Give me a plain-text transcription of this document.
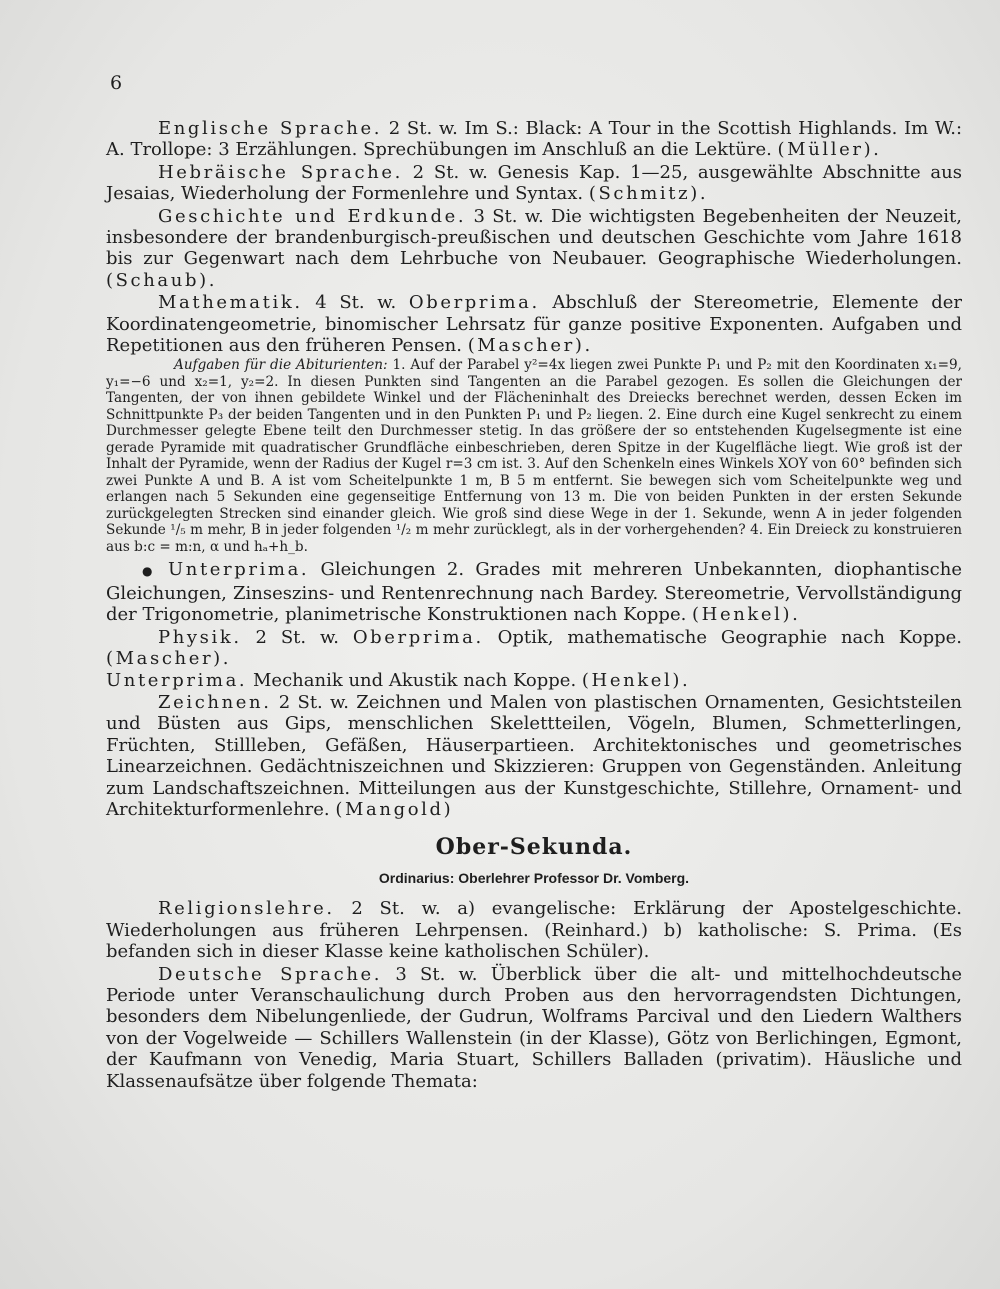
6

Englische Sprache. 2 St. w. Im S.: Black: A Tour in the Scottish Highlands. Im W.: A. Trollope: 3 Erzählungen. Sprechübungen im Anschluß an die Lektüre. (Müller).

Hebräische Sprache. 2 St. w. Genesis Kap. 1—25, ausgewählte Abschnitte aus Jesaias, Wiederholung der Formenlehre und Syntax. (Schmitz).

Geschichte und Erdkunde. 3 St. w. Die wichtigsten Begebenheiten der Neuzeit, insbesondere der brandenburgisch-preußischen und deutschen Geschichte vom Jahre 1618 bis zur Gegenwart nach dem Lehrbuche von Neubauer. Geographische Wiederholungen. (Schaub).

Mathematik. 4 St. w. Oberprima. Abschluß der Stereometrie, Elemente der Koordinatengeometrie, binomischer Lehrsatz für ganze positive Exponenten. Aufgaben und Repetitionen aus den früheren Pensen. (Mascher).

Aufgaben für die Abiturienten: 1. Auf der Parabel y²=4x liegen zwei Punkte P₁ und P₂ mit den Koordinaten x₁=9, y₁=−6 und x₂=1, y₂=2. In diesen Punkten sind Tangenten an die Parabel gezogen. Es sollen die Gleichungen der Tangenten, der von ihnen gebildete Winkel und der Flächeninhalt des Dreiecks berechnet werden, dessen Ecken im Schnittpunkte P₃ der beiden Tangenten und in den Punkten P₁ und P₂ liegen. 2. Eine durch eine Kugel senkrecht zu einem Durchmesser gelegte Ebene teilt den Durchmesser stetig. In das größere der so entstehenden Kugelsegmente ist eine gerade Pyramide mit quadratischer Grundfläche einbeschrieben, deren Spitze in der Kugelfläche liegt. Wie groß ist der Inhalt der Pyramide, wenn der Radius der Kugel r=3 cm ist. 3. Auf den Schenkeln eines Winkels XOY von 60° befinden sich zwei Punkte A und B. A ist vom Scheitelpunkte 1 m, B 5 m entfernt. Sie bewegen sich vom Scheitelpunkte weg und erlangen nach 5 Sekunden eine gegenseitige Entfernung von 13 m. Die von beiden Punkten in der ersten Sekunde zurückgelegten Strecken sind einander gleich. Wie groß sind diese Wege in der 1. Sekunde, wenn A in jeder folgenden Sekunde ¹/₅ m mehr, B in jeder folgenden ¹/₂ m mehr zurücklegt, als in der vorhergehenden? 4. Ein Dreieck zu konstruieren aus b:c = m:n, α und hₐ+h_b.

● Unterprima. Gleichungen 2. Grades mit mehreren Unbekannten, diophantische Gleichungen, Zinseszins- und Rentenrechnung nach Bardey. Stereometrie, Vervollständigung der Trigonometrie, planimetrische Konstruktionen nach Koppe. (Henkel).

Physik. 2 St. w. Oberprima. Optik, mathematische Geographie nach Koppe. (Mascher).
Unterprima. Mechanik und Akustik nach Koppe. (Henkel).

Zeichnen. 2 St. w. Zeichnen und Malen von plastischen Ornamenten, Gesichtsteilen und Büsten aus Gips, menschlichen Skelettteilen, Vögeln, Blumen, Schmetterlingen, Früchten, Stillleben, Gefäßen, Häuserpartieen. Architektonisches und geometrisches Linearzeichnen. Gedächtniszeichnen und Skizzieren: Gruppen von Gegenständen. Anleitung zum Landschaftszeichnen. Mitteilungen aus der Kunstgeschichte, Stillehre, Ornament- und Architekturformenlehre. (Mangold)

Ober-Sekunda.
Ordinarius: Oberlehrer Professor Dr. Vomberg.

Religionslehre. 2 St. w. a) evangelische: Erklärung der Apostelgeschichte. Wiederholungen aus früheren Lehrpensen. (Reinhard.) b) katholische: S. Prima. (Es befanden sich in dieser Klasse keine katholischen Schüler).

Deutsche Sprache. 3 St. w. Überblick über die alt- und mittelhochdeutsche Periode unter Veranschaulichung durch Proben aus den hervorragendsten Dichtungen, besonders dem Nibelungenliede, der Gudrun, Wolframs Parcival und den Liedern Walthers von der Vogelweide — Schillers Wallenstein (in der Klasse), Götz von Berlichingen, Egmont, der Kaufmann von Venedig, Maria Stuart, Schillers Balladen (privatim). Häusliche und Klassenaufsätze über folgende Themata:
